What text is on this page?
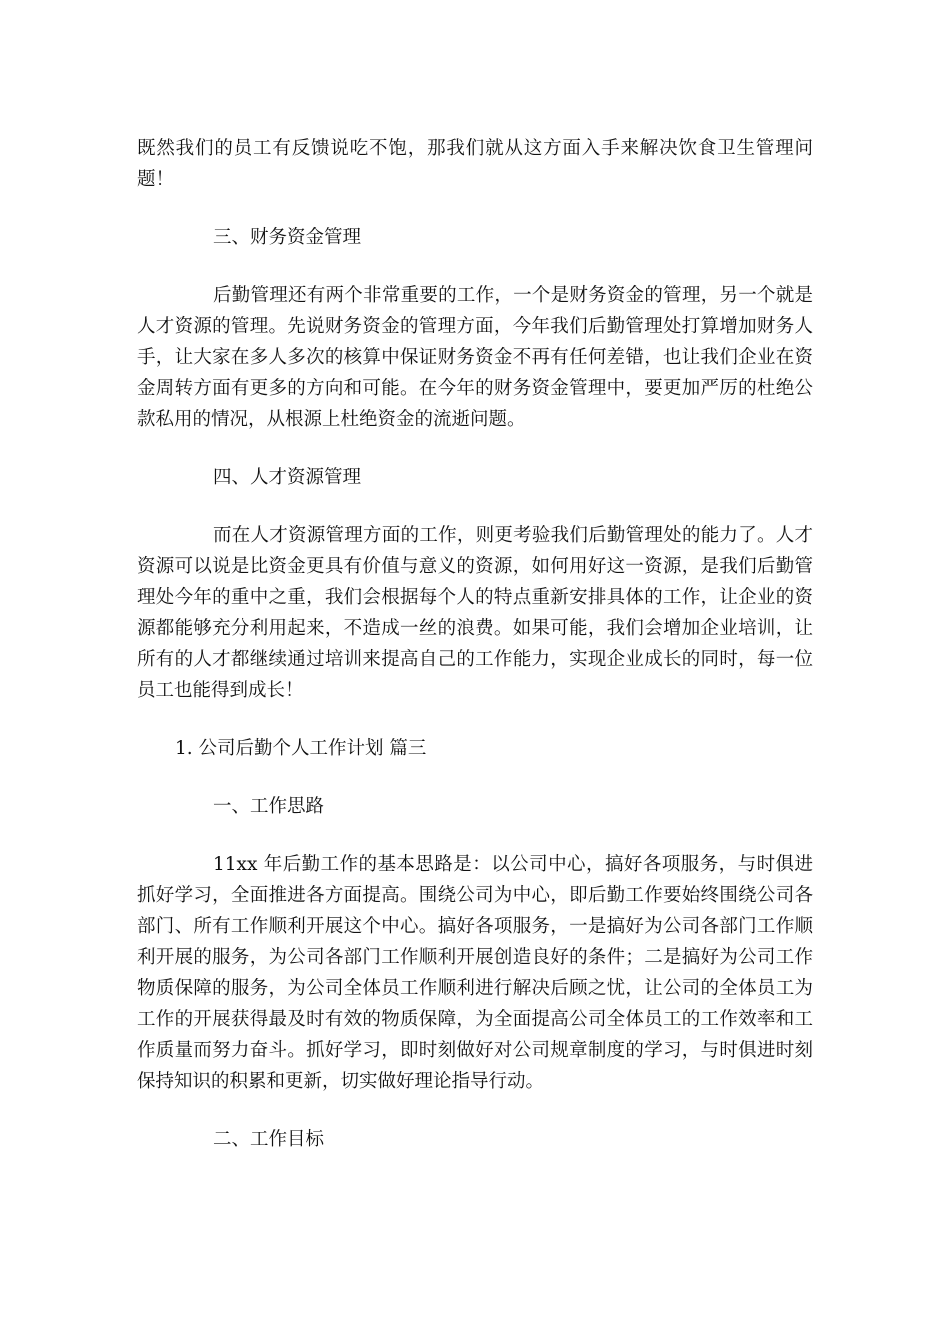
既然我们的员工有反馈说吃不饱，那我们就从这方面入手来解决饮食卫生管理问题！

三、财务资金管理

后勤管理还有两个非常重要的工作，一个是财务资金的管理，另一个就是人才资源的管理。先说财务资金的管理方面，今年我们后勤管理处打算增加财务人手，让大家在多人多次的核算中保证财务资金不再有任何差错，也让我们企业在资金周转方面有更多的方向和可能。在今年的财务资金管理中，要更加严厉的杜绝公款私用的情况，从根源上杜绝资金的流逝问题。

四、人才资源管理

而在人才资源管理方面的工作，则更考验我们后勤管理处的能力了。人才资源可以说是比资金更具有价值与意义的资源，如何用好这一资源，是我们后勤管理处今年的重中之重，我们会根据每个人的特点重新安排具体的工作，让企业的资源都能够充分利用起来，不造成一丝的浪费。如果可能，我们会增加企业培训，让所有的人才都继续通过培训来提高自己的工作能力，实现企业成长的同时，每一位员工也能得到成长！

1. 公司后勤个人工作计划 篇三

一、工作思路

11xx 年后勤工作的基本思路是：以公司中心，搞好各项服务，与时俱进抓好学习，全面推进各方面提高。围绕公司为中心，即后勤工作要始终围绕公司各部门、所有工作顺利开展这个中心。搞好各项服务，一是搞好为公司各部门工作顺利开展的服务，为公司各部门工作顺利开展创造良好的条件；二是搞好为公司工作物质保障的服务，为公司全体员工作顺利进行解决后顾之忧，让公司的全体员工为工作的开展获得最及时有效的物质保障，为全面提高公司全体员工的工作效率和工作质量而努力奋斗。抓好学习，即时刻做好对公司规章制度的学习，与时俱进时刻保持知识的积累和更新，切实做好理论指导行动。

二、工作目标
